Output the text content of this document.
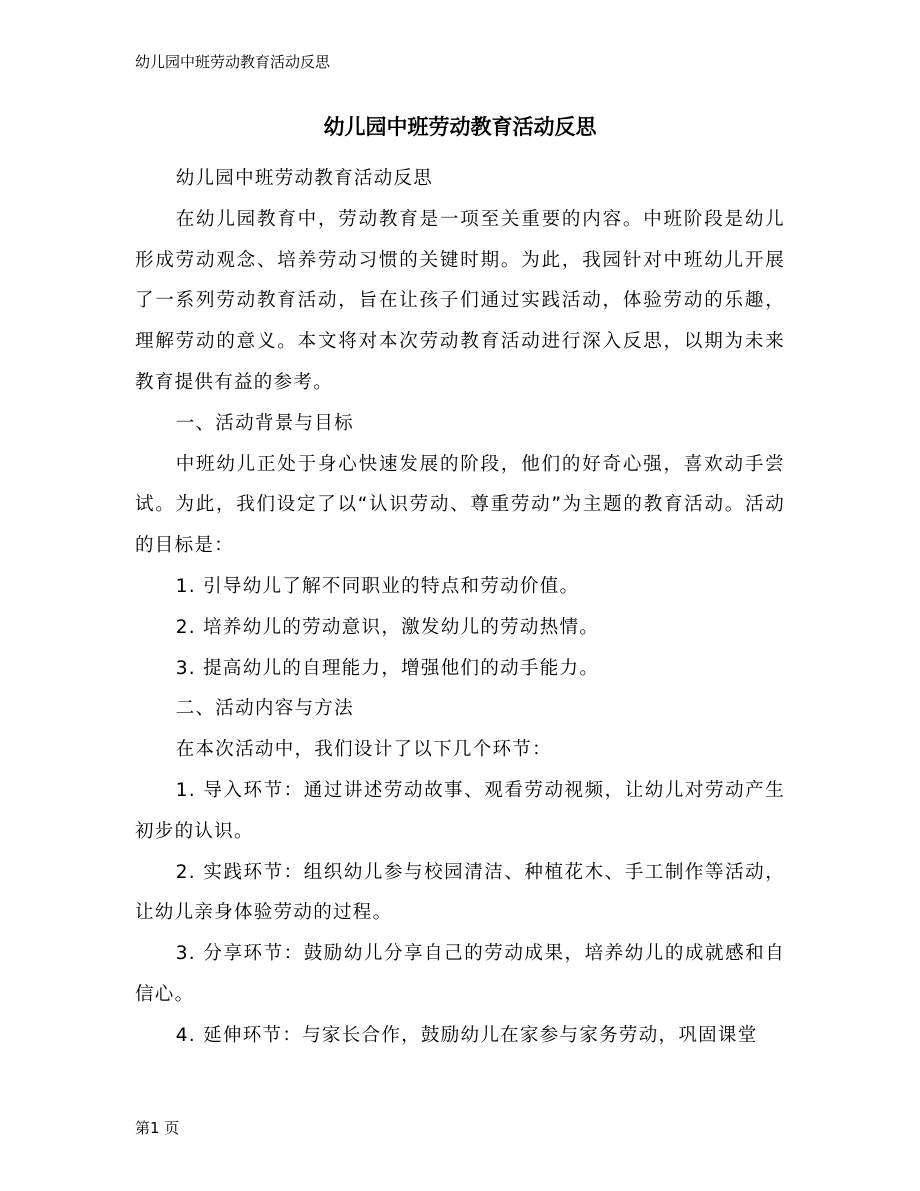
幼儿园中班劳动教育活动反思
幼儿园中班劳动教育活动反思

幼儿园中班劳动教育活动反思

在幼儿园教育中，劳动教育是一项至关重要的内容。中班阶段是幼儿形成劳动观念、培养劳动习惯的关键时期。为此，我园针对中班幼儿开展了一系列劳动教育活动，旨在让孩子们通过实践活动，体验劳动的乐趣，理解劳动的意义。本文将对本次劳动教育活动进行深入反思，以期为未来教育提供有益的参考。

一、活动背景与目标

中班幼儿正处于身心快速发展的阶段，他们的好奇心强，喜欢动手尝试。为此，我们设定了以“认识劳动、尊重劳动”为主题的教育活动。活动的目标是：

1. 引导幼儿了解不同职业的特点和劳动价值。

2. 培养幼儿的劳动意识，激发幼儿的劳动热情。

3. 提高幼儿的自理能力，增强他们的动手能力。

二、活动内容与方法

在本次活动中，我们设计了以下几个环节：

1. 导入环节：通过讲述劳动故事、观看劳动视频，让幼儿对劳动产生初步的认识。

2. 实践环节：组织幼儿参与校园清洁、种植花木、手工制作等活动，让幼儿亲身体验劳动的过程。

3. 分享环节：鼓励幼儿分享自己的劳动成果，培养幼儿的成就感和自信心。

4. 延伸环节：与家长合作，鼓励幼儿在家参与家务劳动，巩固课堂

第1 页
